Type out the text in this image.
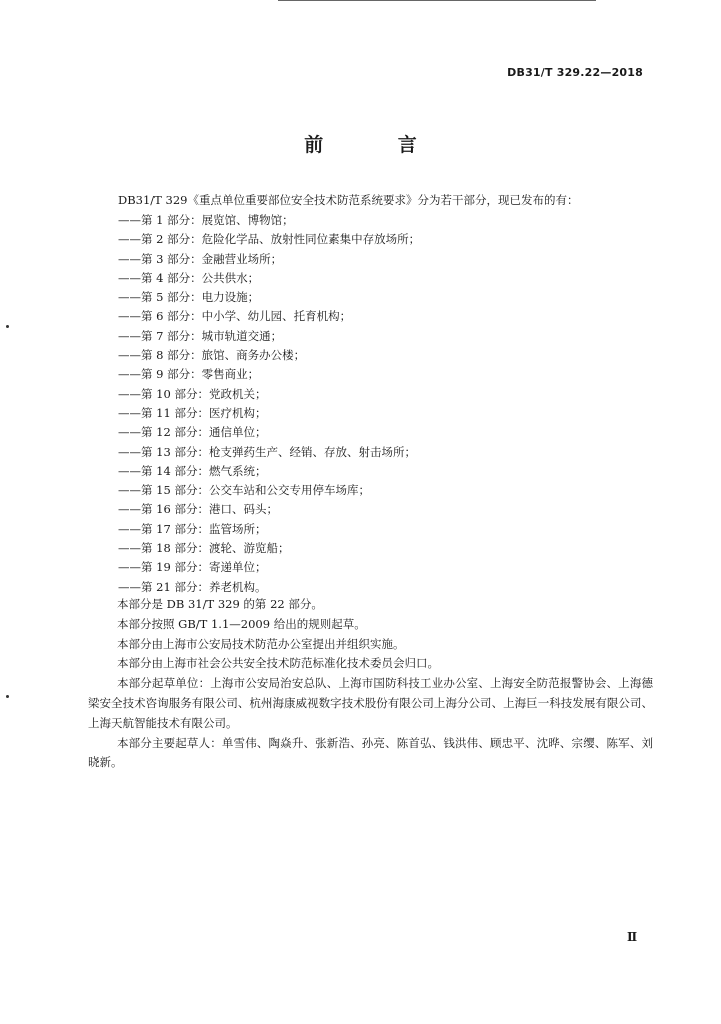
DB31/T 329.22—2018
前 言
DB31/T 329《重点单位重要部位安全技术防范系统要求》分为若干部分，现已发布的有：
——第 1 部分：展览馆、博物馆；
——第 2 部分：危险化学品、放射性同位素集中存放场所；
——第 3 部分：金融营业场所；
——第 4 部分：公共供水；
——第 5 部分：电力设施；
——第 6 部分：中小学、幼儿园、托育机构；
——第 7 部分：城市轨道交通；
——第 8 部分：旅馆、商务办公楼；
——第 9 部分：零售商业；
——第 10 部分：党政机关；
——第 11 部分：医疗机构；
——第 12 部分：通信单位；
——第 13 部分：枪支弹药生产、经销、存放、射击场所；
——第 14 部分：燃气系统；
——第 15 部分：公交车站和公交专用停车场库；
——第 16 部分：港口、码头；
——第 17 部分：监管场所；
——第 18 部分：渡轮、游览船；
——第 19 部分：寄递单位；
——第 21 部分：养老机构。

本部分是 DB 31/T 329 的第 22 部分。

本部分按照 GB/T 1.1—2009 给出的规则起草。

本部分由上海市公安局技术防范办公室提出并组织实施。

本部分由上海市社会公共安全技术防范标准化技术委员会归口。

本部分起草单位：上海市公安局治安总队、上海市国防科技工业办公室、上海安全防范报警协会、上海德梁安全技术咨询服务有限公司、杭州海康威视数字技术股份有限公司上海分公司、上海巨一科技发展有限公司、上海天航智能技术有限公司。

本部分主要起草人：单雪伟、陶焱升、张新浩、孙亮、陈首弘、钱洪伟、顾忠平、沈晔、宗缨、陈军、刘晓新。

Ⅱ
